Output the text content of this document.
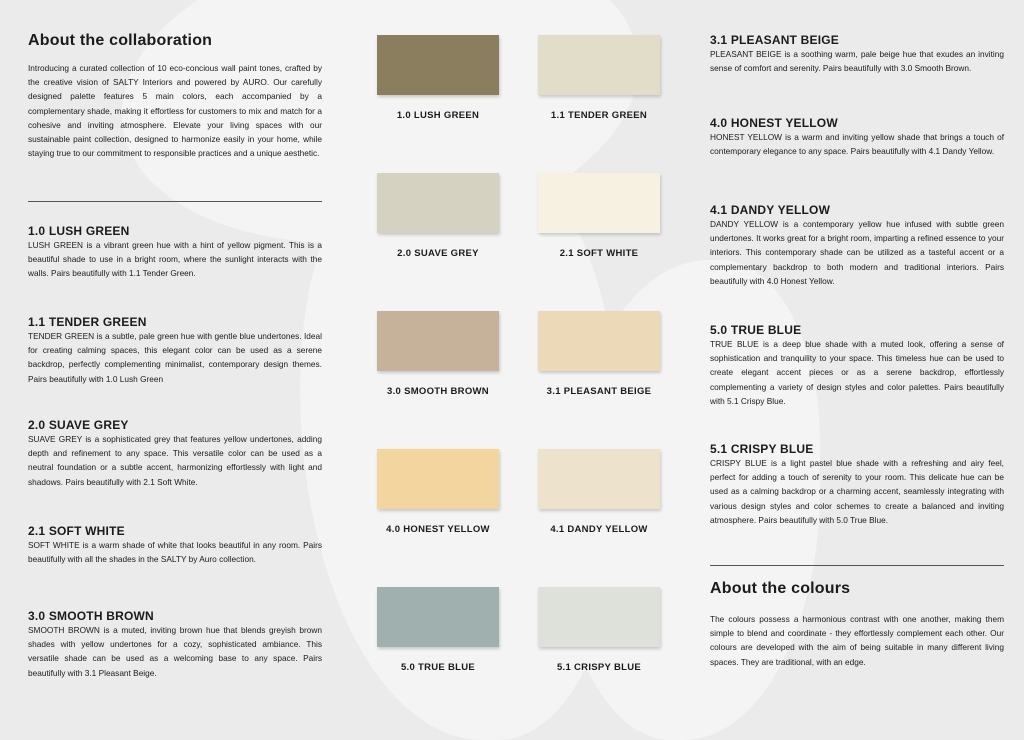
About the collaboration

Introducing a curated collection of 10 eco-concious wall paint tones, crafted by the creative vision of SALTY Interiors and powered by AURO. Our carefully designed palette features 5 main colors, each accompanied by a complementary shade, making it effortless for customers to mix and match for a cohesive and inviting atmosphere. Elevate your living spaces with our sustainable paint collection, designed to harmonize easily in your home, while staying true to our commitment to responsible practices and a unique aesthetic.

1.0 LUSH GREEN

LUSH GREEN is a vibrant green hue with a hint of yellow pigment. This is a beautiful shade to use in a bright room, where the sunlight interacts with the walls. Pairs beautifully with 1.1 Tender Green.

1.1 TENDER GREEN

TENDER GREEN is a subtle, pale green hue with gentle blue undertones. Ideal for creating calming spaces, this elegant color can be used as a serene backdrop, perfectly complementing minimalist, contemporary design themes. Pairs beautifully with 1.0 Lush Green

2.0 SUAVE GREY

SUAVE GREY is a sophisticated grey that features yellow undertones, adding depth and refinement to any space. This versatile color can be used as a neutral foundation or a subtle accent, harmonizing effortlessly with light and shadows. Pairs beautifully with 2.1 Soft White.

2.1 SOFT WHITE

SOFT WHITE is a warm shade of white that looks beautiful in any room. Pairs beautifully with all the shades in the SALTY by Auro collection.

3.0 SMOOTH BROWN

SMOOTH BROWN is a muted, inviting brown hue that blends greyish brown shades with yellow undertones for a cozy, sophisticated ambiance. This versatile shade can be used as a welcoming base to any space. Pairs beautifully with 3.1 Pleasant Beige.

1.0 LUSH GREEN	1.1 TENDER GREEN
2.0 SUAVE GREY	2.1 SOFT WHITE
3.0 SMOOTH BROWN	3.1 PLEASANT BEIGE
4.0 HONEST YELLOW	4.1 DANDY YELLOW
5.0 TRUE BLUE	5.1 CRISPY BLUE
3.1 PLEASANT BEIGE

PLEASANT BEIGE is a soothing warm, pale beige hue that exudes an inviting sense of comfort and serenity. Pairs beautifully with 3.0 Smooth Brown.

4.0 HONEST YELLOW

HONEST YELLOW is a warm and inviting yellow shade that brings a touch of contemporary elegance to any space. Pairs beautifully with 4.1 Dandy Yellow.

4.1 DANDY YELLOW

DANDY YELLOW is a contemporary yellow hue infused with subtle green undertones. It works great for a bright room, imparting a refined essence to your interiors. This contemporary shade can be utilized as a tasteful accent or a complementary backdrop to both modern and traditional interiors. Pairs beautifully with 4.0 Honest Yellow.

5.0 TRUE BLUE

TRUE BLUE is a deep blue shade with a muted look, offering a sense of sophistication and tranquility to your space. This timeless hue can be used to create elegant accent pieces or as a serene backdrop, effortlessly complementing a variety of design styles and color palettes. Pairs beautifully with 5.1 Crispy Blue.

5.1 CRISPY BLUE

CRISPY BLUE is a light pastel blue shade with a refreshing and airy feel, perfect for adding a touch of serenity to your room. This delicate hue can be used as a calming backdrop or a charming accent, seamlessly integrating with various design styles and color schemes to create a balanced and inviting atmosphere. Pairs beautifully with 5.0 True Blue.

About the colours

The colours possess a harmonious contrast with one another, making them simple to blend and coordinate - they effortlessly complement each other. Our colours are developed with the aim of being suitable in many different living spaces. They are traditional, with an edge.
